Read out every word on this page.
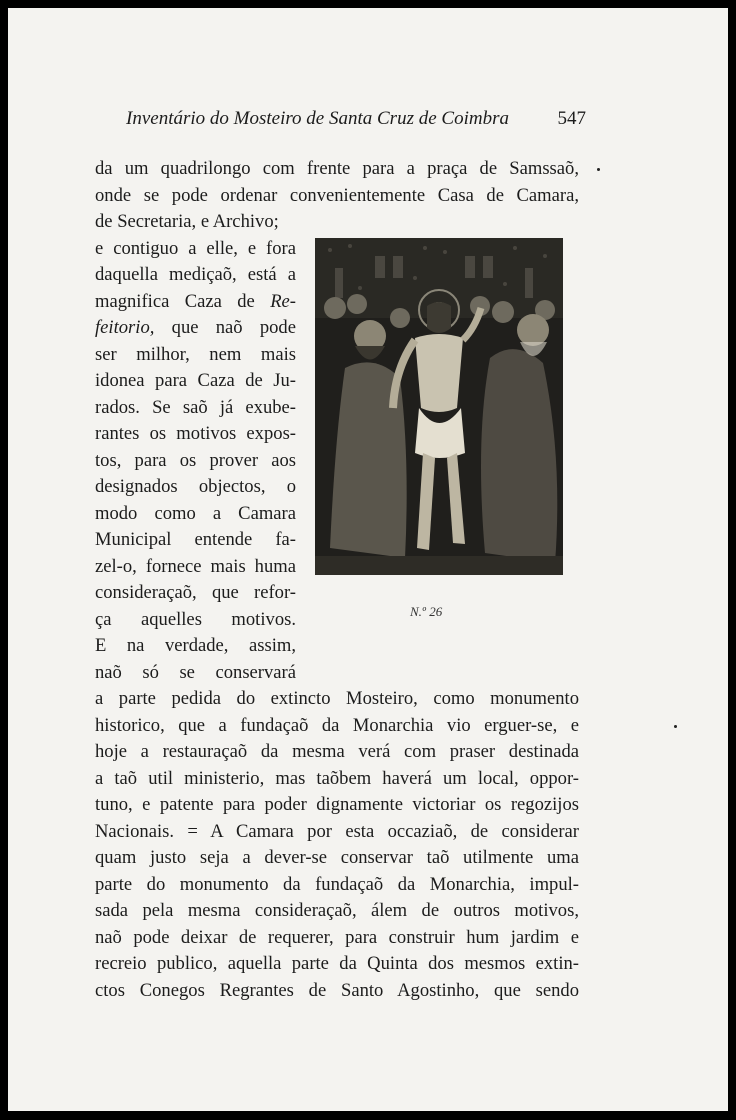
Inventário do Mosteiro de Santa Cruz de Coimbra	547
da um quadrilongo com frente para a praça de Samssaõ,
onde se pode ordenar convenientemente Casa de Camara,
de Secretaria, e Archivo;
e contiguo a elle, e fora
daquella mediçaõ, está a
magnifica Caza de Re-
feitorio, que naõ pode
ser milhor, nem mais
idonea para Caza de Ju-
rados. Se saõ já exube-
rantes os motivos expos-
tos, para os prover aos
designados objectos, o
modo como a Camara
Municipal entende fa-
zel-o, fornece mais huma
consideraçaõ, que refor-
ça aquelles motivos.
E na verdade, assim,
naõ só se conservará
a parte pedida do extincto Mosteiro, como monumento
historico, que a fundaçaõ da Monarchia vio erguer-se, e
hoje a restauraçaõ da mesma verá com praser destinada
a taõ util ministerio, mas taõbem haverá um local, oppor-
tuno, e patente para poder dignamente victoriar os regozijos
Nacionais. = A Camara por esta occaziaõ, de considerar
quam justo seja a dever-se conservar taõ utilmente uma
parte do monumento da fundaçaõ da Monarchia, impul-
sada pela mesma consideraçaõ, álem de outros motivos,
naõ pode deixar de requerer, para construir hum jardim e
recreio publico, aquella parte da Quinta dos mesmos extin-
ctos Conegos Regrantes de Santo Agostinho, que sendo
N.º 26
